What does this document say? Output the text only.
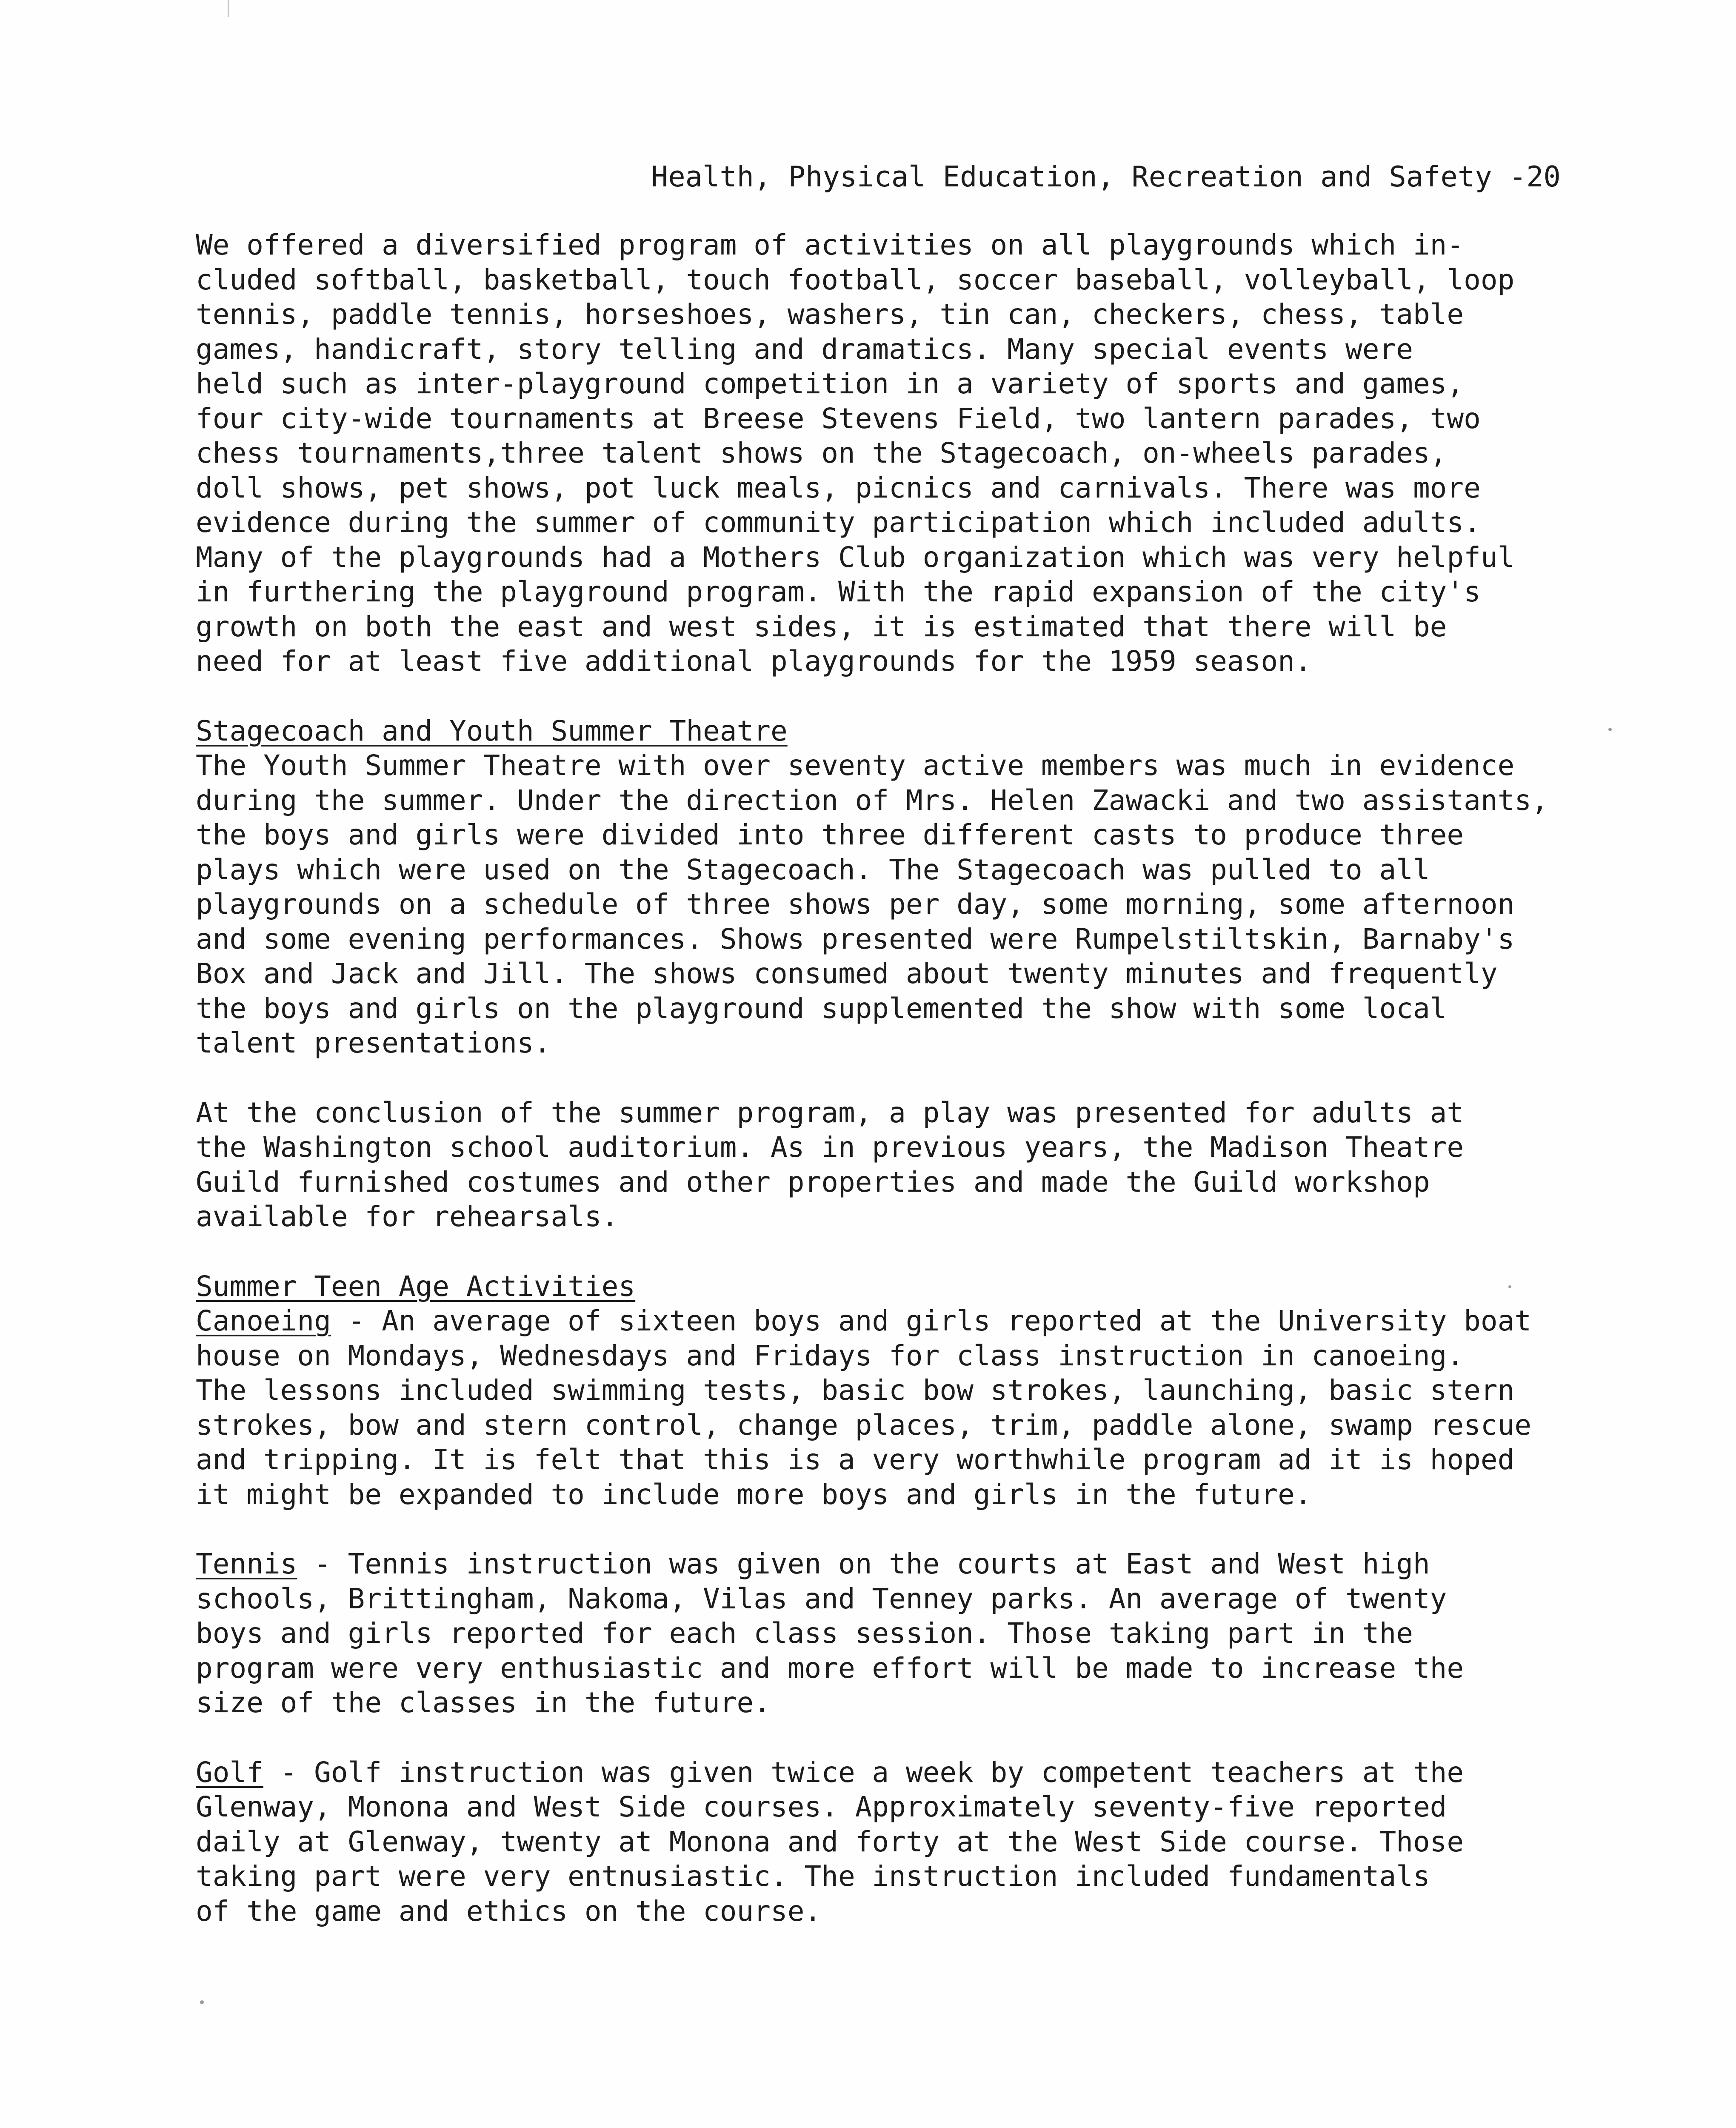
Health, Physical Education, Recreation and Safety -20
We offered a diversified program of activities on all playgrounds which in-
cluded softball, basketball, touch football, soccer baseball, volleyball, loop
tennis, paddle tennis, horseshoes, washers, tin can, checkers, chess, table
games, handicraft, story telling and dramatics. Many special events were
held such as inter-playground competition in a variety of sports and games,
four city-wide tournaments at Breese Stevens Field, two lantern parades, two
chess tournaments,three talent shows on the Stagecoach, on-wheels parades,
doll shows, pet shows, pot luck meals, picnics and carnivals. There was more
evidence during the summer of community participation which included adults.
Many of the playgrounds had a Mothers Club organization which was very helpful
in furthering the playground program. With the rapid expansion of the city's
growth on both the east and west sides, it is estimated that there will be
need for at least five additional playgrounds for the 1959 season.
Stagecoach and Youth Summer Theatre
The Youth Summer Theatre with over seventy active members was much in evidence
during the summer. Under the direction of Mrs. Helen Zawacki and two assistants,
the boys and girls were divided into three different casts to produce three
plays which were used on the Stagecoach. The Stagecoach was pulled to all
playgrounds on a schedule of three shows per day, some morning, some afternoon
and some evening performances. Shows presented were Rumpelstiltskin, Barnaby's
Box and Jack and Jill. The shows consumed about twenty minutes and frequently
the boys and girls on the playground supplemented the show with some local
talent presentations.
At the conclusion of the summer program, a play was presented for adults at
the Washington school auditorium. As in previous years, the Madison Theatre
Guild furnished costumes and other properties and made the Guild workshop
available for rehearsals.
Summer Teen Age Activities
Canoeing - An average of sixteen boys and girls reported at the University boat
house on Mondays, Wednesdays and Fridays for class instruction in canoeing.
The lessons included swimming tests, basic bow strokes, launching, basic stern
strokes, bow and stern control, change places, trim, paddle alone, swamp rescue
and tripping. It is felt that this is a very worthwhile program ad it is hoped
it might be expanded to include more boys and girls in the future.
Tennis - Tennis instruction was given on the courts at East and West high
schools, Brittingham, Nakoma, Vilas and Tenney parks. An average of twenty
boys and girls reported for each class session. Those taking part in the
program were very enthusiastic and more effort will be made to increase the
size of the classes in the future.
Golf - Golf instruction was given twice a week by competent teachers at the
Glenway, Monona and West Side courses. Approximately seventy-five reported
daily at Glenway, twenty at Monona and forty at the West Side course. Those
taking part were very entnusiastic. The instruction included fundamentals
of the game and ethics on the course.
